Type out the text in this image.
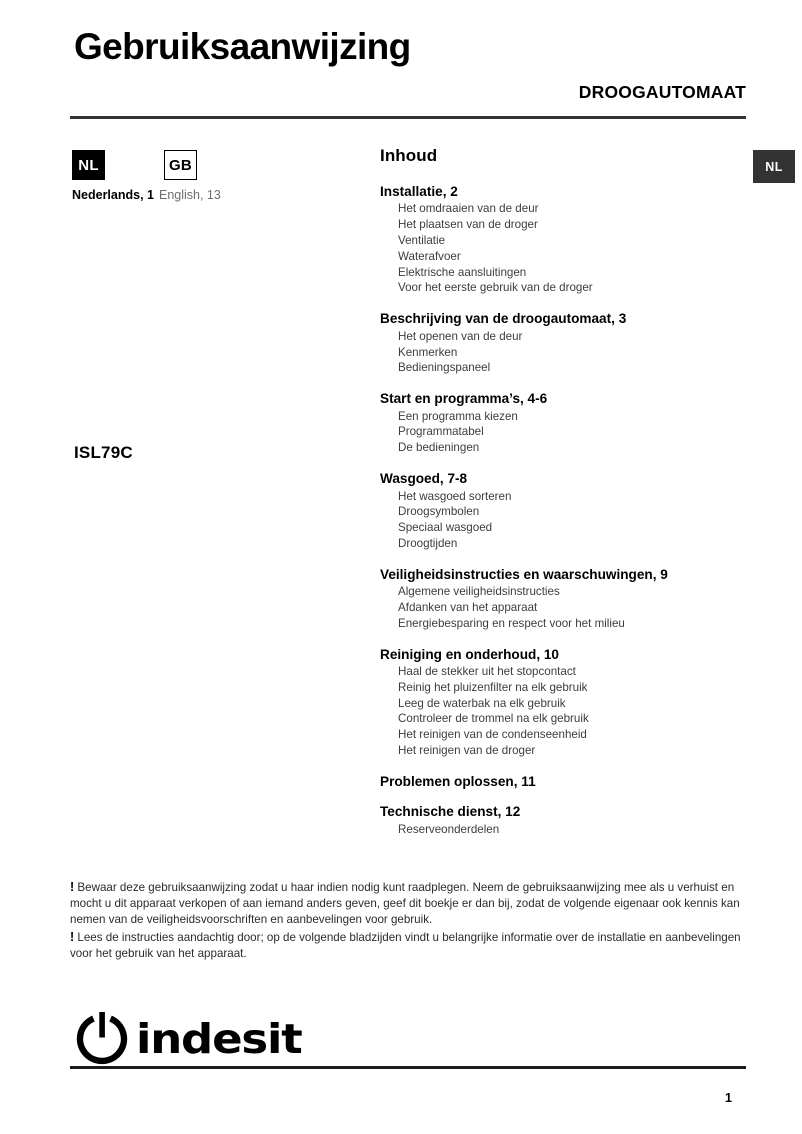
Gebruiksaanwijzing
DROOGAUTOMAAT
NL	GB
Nederlands, 1 English, 13
ISL79C
NL
Inhoud
Installatie, 2
Het omdraaien van de deur
Het plaatsen van de droger
Ventilatie
Waterafvoer
Elektrische aansluitingen
Voor het eerste gebruik van de droger
Beschrijving van de droogautomaat, 3
Het openen van de deur
Kenmerken
Bedieningspaneel
Start en programma’s, 4-6
Een programma kiezen
Programmatabel
De bedieningen
Wasgoed, 7-8
Het wasgoed sorteren
Droogsymbolen
Speciaal wasgoed
Droogtijden
Veiligheidsinstructies en waarschuwingen, 9
Algemene veiligheidsinstructies
Afdanken van het apparaat
Energiebesparing en respect voor het milieu
Reiniging en onderhoud, 10
Haal de stekker uit het stopcontact
Reinig het pluizenfilter na elk gebruik
Leeg de waterbak na elk gebruik
Controleer de trommel na elk gebruik
Het reinigen van de condenseenheid
Het reinigen van de droger
Problemen oplossen, 11
Technische dienst, 12
Reserveonderdelen

! Bewaar deze gebruiksaanwijzing zodat u haar indien nodig kunt raadplegen. Neem de gebruiksaanwijzing mee als u verhuist en mocht u dit apparaat verkopen of aan iemand anders geven, geef dit boekje er dan bij, zodat de volgende eigenaar ook kennis kan nemen van de veiligheidsvoorschriften en aanbevelingen voor gebruik.

! Lees de instructies aandachtig door; op de volgende bladzijden vindt u belangrijke informatie over de installatie en aanbevelingen voor het gebruik van het apparaat.

indesit
1
